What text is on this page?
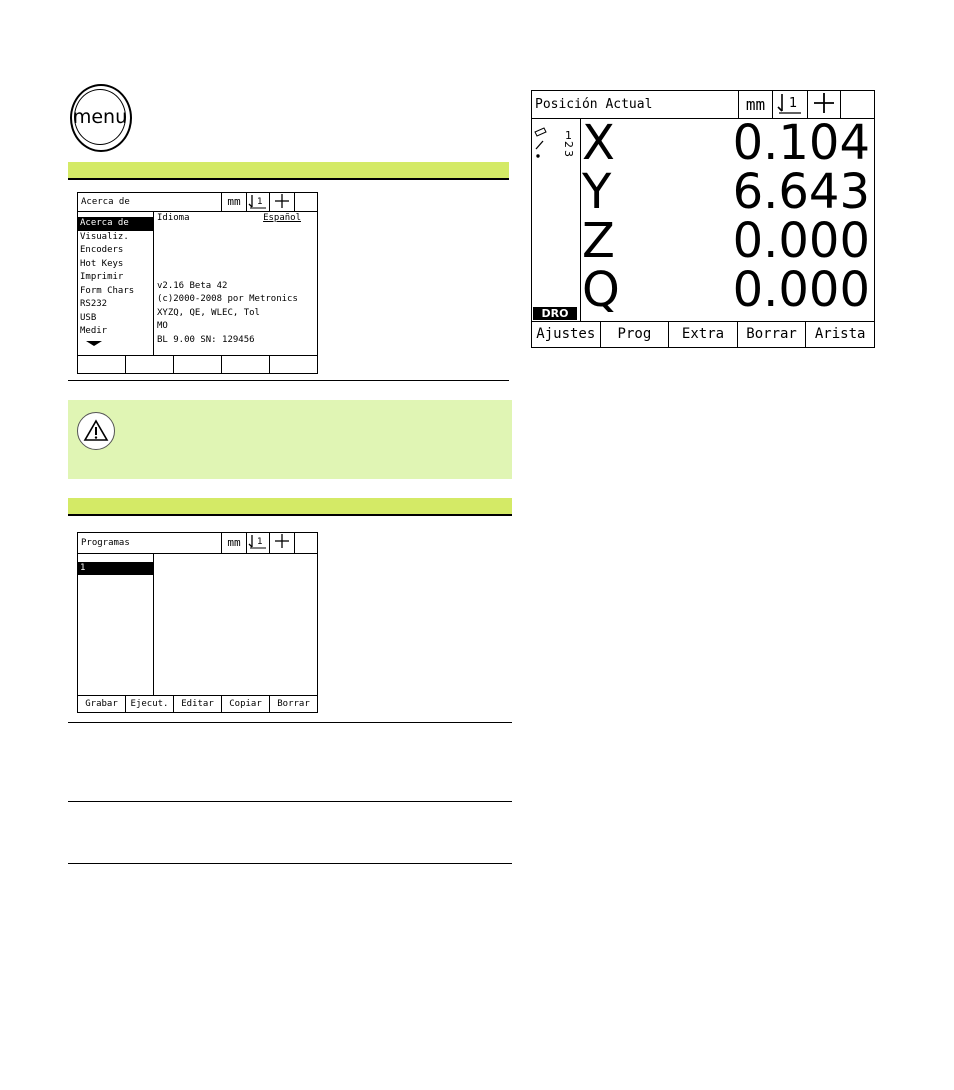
menu
Acerca de	mm	1
Acerca de
Visualiz.
Encoders
Hot Keys
Imprimir
Form Chars
RS232
USB
Medir
Idioma	Español
v2.16 Beta 42
(c)2000-2008 por Metronics
XYZQ, QE, WLEC, Tol
MO
BL 9.00 SN: 129456
Programas	mm	1
1
Grabar	Ejecut.	Editar	Copiar	Borrar
Posición Actual	mm	1
1
2
3
DRO
X 0.104
Y	6.643
Z 0.000
Q 0.000
Ajustes	Prog	Extra	Borrar	Arista
